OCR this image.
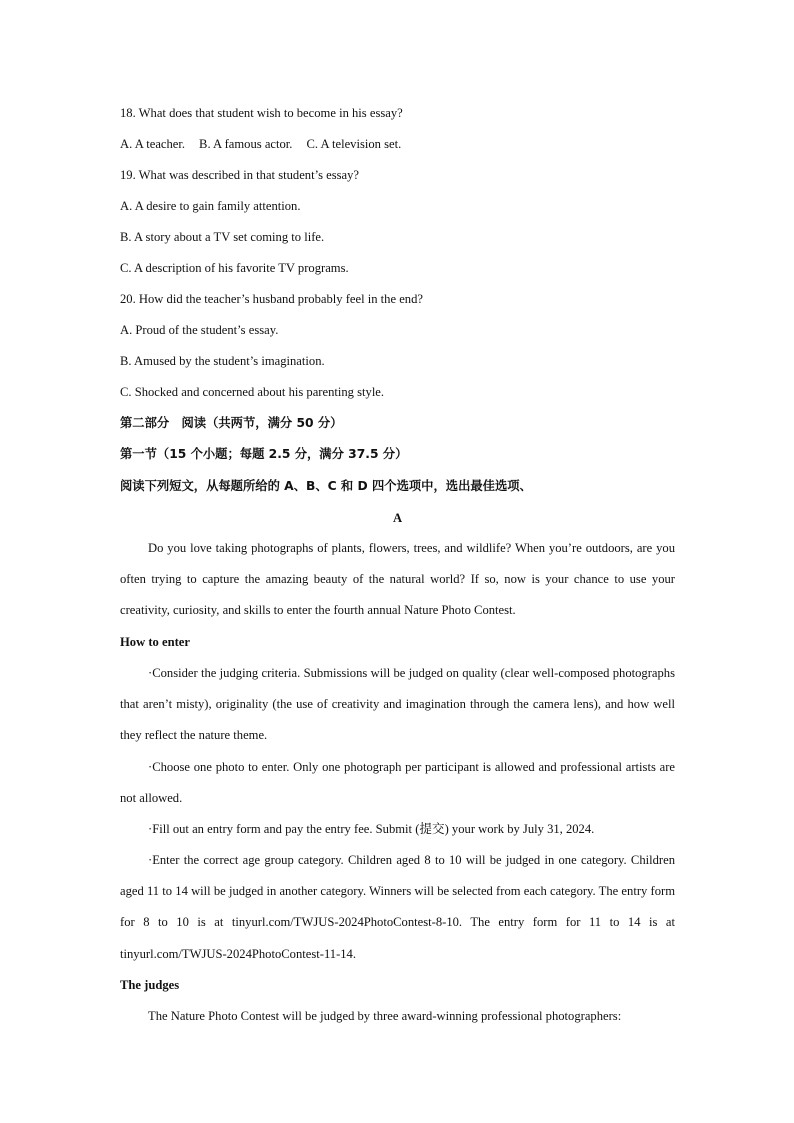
18. What does that student wish to become in his essay?
A. A teacher. B. A famous actor. C. A television set.
19. What was described in that student’s essay?
A. A desire to gain family attention.
B. A story about a TV set coming to life.
C. A description of his favorite TV programs.
20. How did the teacher’s husband probably feel in the end?
A. Proud of the student’s essay.
B. Amused by the student’s imagination.
C. Shocked and concerned about his parenting style.
第二部分　阅读（共两节，满分 50 分）
第一节（15 个小题；每题 2.5 分，满分 37.5 分）
阅读下列短文，从每题所给的 A、B、C 和 D 四个选项中，选出最佳选项、
A
Do you love taking photographs of plants, flowers, trees, and wildlife? When you’re outdoors, are you often trying to capture the amazing beauty of the natural world? If so, now is your chance to use your creativity, curiosity, and skills to enter the fourth annual Nature Photo Contest.
How to enter
·Consider the judging criteria. Submissions will be judged on quality (clear well-composed photographs that aren’t misty), originality (the use of creativity and imagination through the camera lens), and how well they reflect the nature theme.
·Choose one photo to enter. Only one photograph per participant is allowed and professional artists are not allowed.
·Fill out an entry form and pay the entry fee. Submit (提交) your work by July 31, 2024.
·Enter the correct age group category. Children aged 8 to 10 will be judged in one category. Children aged 11 to 14 will be judged in another category. Winners will be selected from each category. The entry form for 8 to 10 is at tinyurl.com/TWJUS-2024PhotoContest-8-10. The entry form for 11 to 14 is at tinyurl.com/TWJUS-2024PhotoContest-11-14.
The judges
The Nature Photo Contest will be judged by three award-winning professional photographers:
